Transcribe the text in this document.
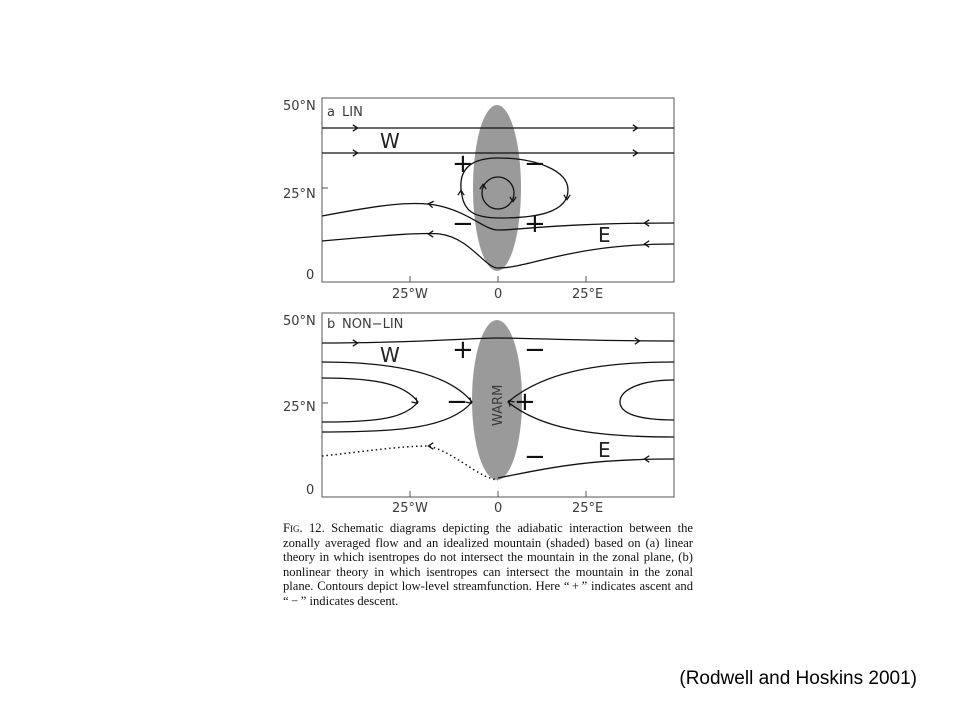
a LIN
50°N
25°N
0
25°W	0	25°E
W
E
+ −
− +
WARM
b NON−LIN
50°N
25°N
0
25°W	0	25°E
W
E
+ −
− +
−
Fig. 12. Schematic diagrams depicting the adiabatic interaction between the zonally averaged flow and an idealized mountain (shaded) based on (a) linear theory in which isentropes do not intersect the mountain in the zonal plane, (b) nonlinear theory in which isentropes can intersect the mountain in the zonal plane. Contours depict low-level streamfunction. Here “ + ” indicates ascent and “ − ” indicates descent.
(Rodwell and Hoskins 2001)
